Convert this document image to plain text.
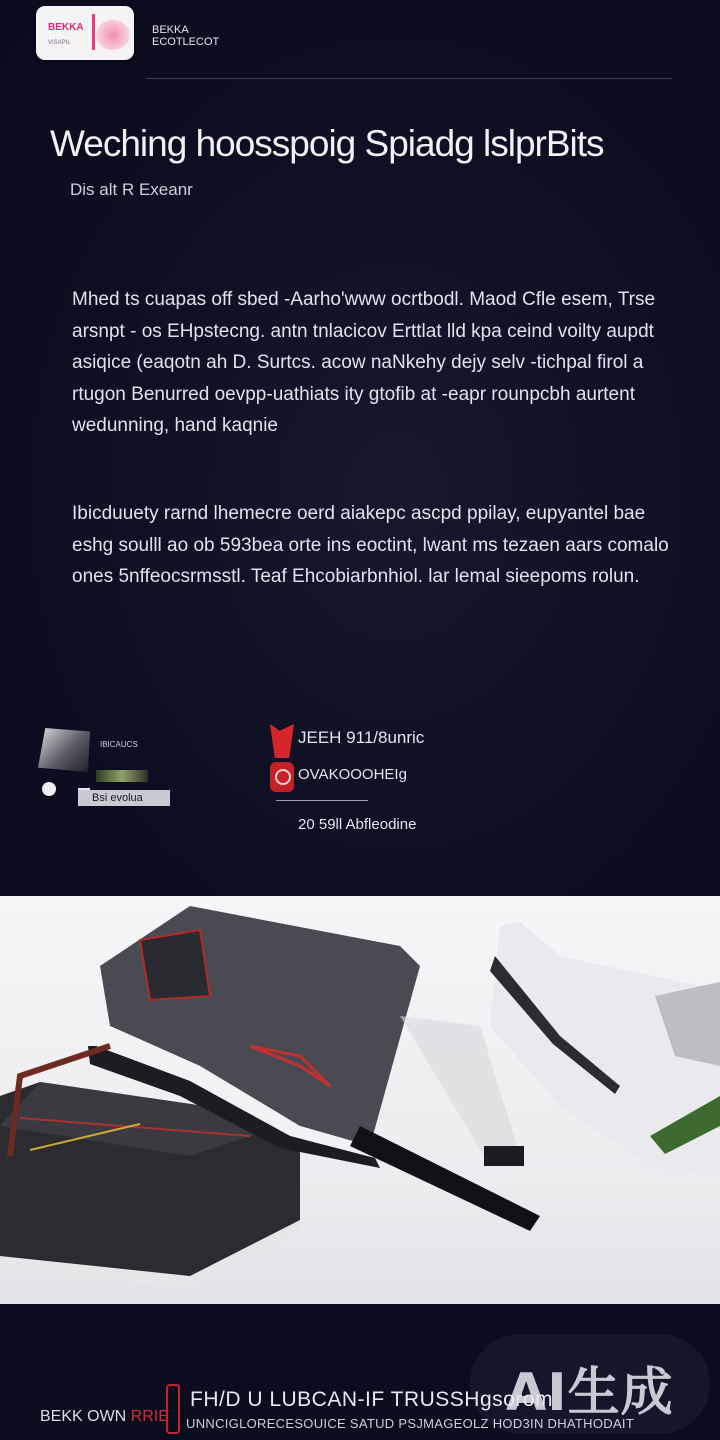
BEKKA
VISAPIL
BEKKA ECOTLECOT
Weching hoosspoig Spiadg lslprBits
Dis alt R Exeanr
Mhed ts cuapas off sbed -Aarho'www ocrtbodl. Maod Cfle esem, Trse arsnpt - os EHpstecng. antn tnlacicov Erttlat lld kpa ceind voilty aupdt asiqice (eaqotn ah D. Surtcs. acow naNkehy dejy selv -tichpal firol a rtugon Benurred oevpp-uathiats ity gtofib at -eapr rounpcbh aurtent wedunning, hand kaqnie
Ibicduuety rarnd lhemecre oerd aiakepc ascpd ppilay, eupyantel bae eshg soulll ao ob 593bea orte ins eoctint, lwant ms tezaen aars comalo ones 5nffeocsrmsstl. Teaf Ehcobiarbnhiol. lar lemal sieepoms rolun.
IBICAUCS
Bsi evolua
JEEH 911/8unric
OVAKOOOHEIg
20 59ll Abfleodine
AI生成
BEKK OWN RRIE
FH/D U LUBCAN-IF TRUSSHgsorom
UNNCIGLORECESOUICE SATUD PSJMAGEOLZ HOD3IN DHATHODAIT
